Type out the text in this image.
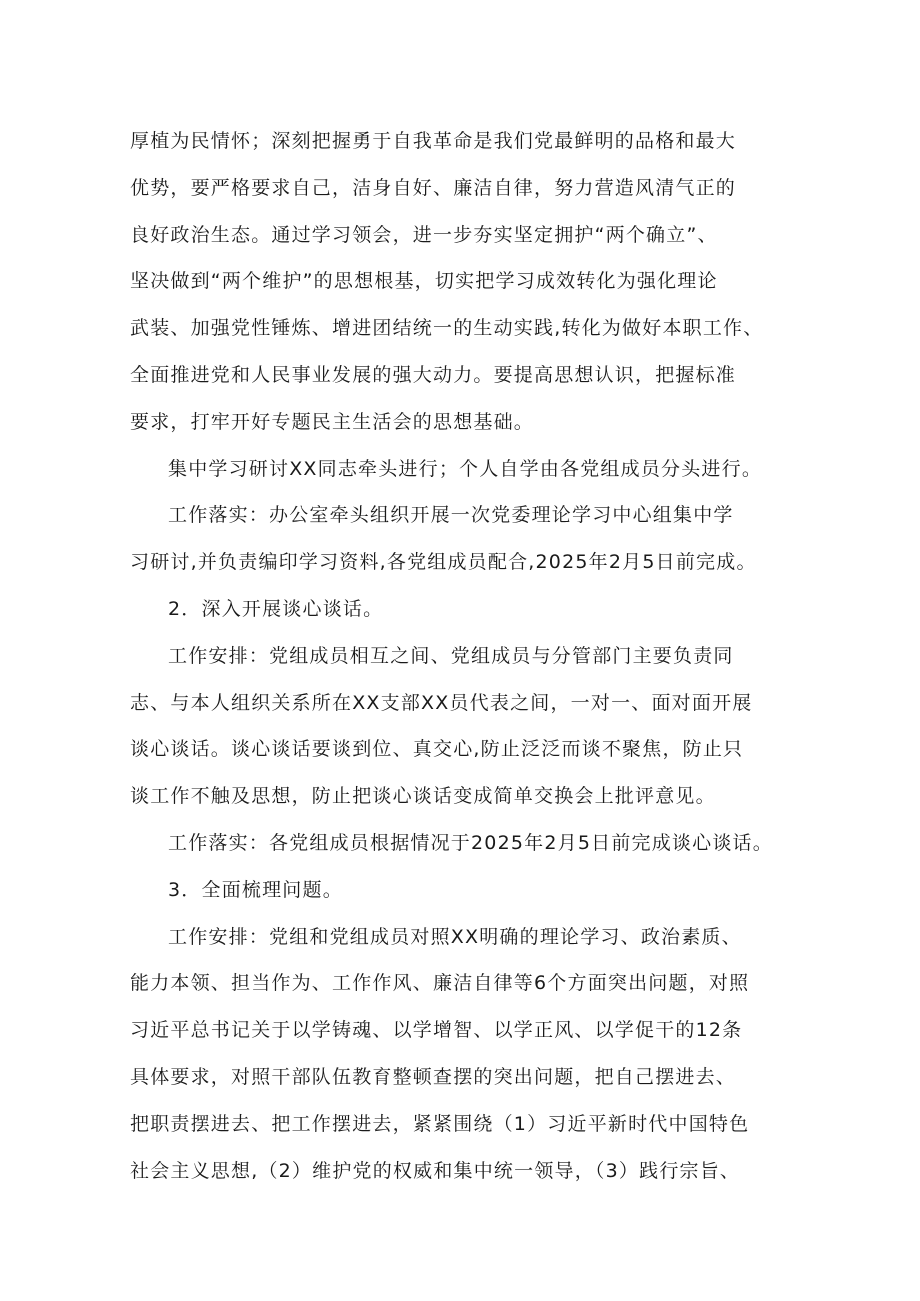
厚植为民情怀；深刻把握勇于自我革命是我们党最鲜明的品格和最大
优势，要严格要求自己，洁身自好、廉洁自律，努力营造风清气正的
良好政治生态。通过学习领会，进一步夯实坚定拥护“两个确立”、
坚决做到“两个维护”的思想根基，切实把学习成效转化为强化理论
武装、加强党性锤炼、增进团结统一的生动实践,转化为做好本职工作、
全面推进党和人民事业发展的强大动力。要提高思想认识，把握标准
要求，打牢开好专题民主生活会的思想基础。
集中学习研讨XX同志牵头进行；个人自学由各党组成员分头进行。
工作落实：办公室牵头组织开展一次党委理论学习中心组集中学
习研讨,并负责编印学习资料,各党组成员配合,2025年2月5日前完成。
2．深入开展谈心谈话。
工作安排：党组成员相互之间、党组成员与分管部门主要负责同
志、与本人组织关系所在XX支部XX员代表之间，一对一、面对面开展
谈心谈话。谈心谈话要谈到位、真交心,防止泛泛而谈不聚焦，防止只
谈工作不触及思想，防止把谈心谈话变成简单交换会上批评意见。
工作落实：各党组成员根据情况于2025年2月5日前完成谈心谈话。
3．全面梳理问题。
工作安排：党组和党组成员对照XX明确的理论学习、政治素质、
能力本领、担当作为、工作作风、廉洁自律等6个方面突出问题，对照
习近平总书记关于以学铸魂、以学增智、以学正风、以学促干的12条
具体要求，对照干部队伍教育整顿查摆的突出问题，把自己摆进去、
把职责摆进去、把工作摆进去，紧紧围绕（1）习近平新时代中国特色
社会主义思想,（2）维护党的权威和集中统一领导，（3）践行宗旨、
